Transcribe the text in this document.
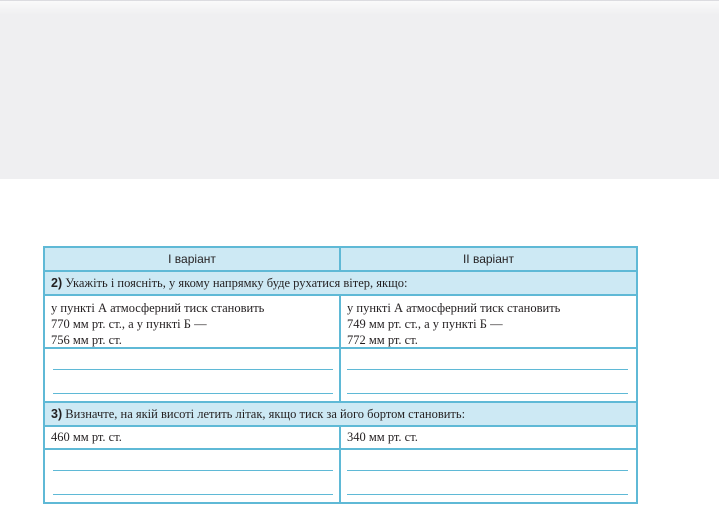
І варіант	ІІ варіант
2) Укажіть і поясніть, у якому напрямку буде рухатися вітер, якщо:
у пункті А атмосферний тиск становить
770 мм рт. ст., а у пункті Б —
756 мм рт. ст.
у пункті А атмосферний тиск становить
749 мм рт. ст., а у пункті Б —
772 мм рт. ст.
3) Визначте, на якій висоті летить літак, якщо тиск за його бортом становить:
460 мм рт. ст.	340 мм рт. ст.
